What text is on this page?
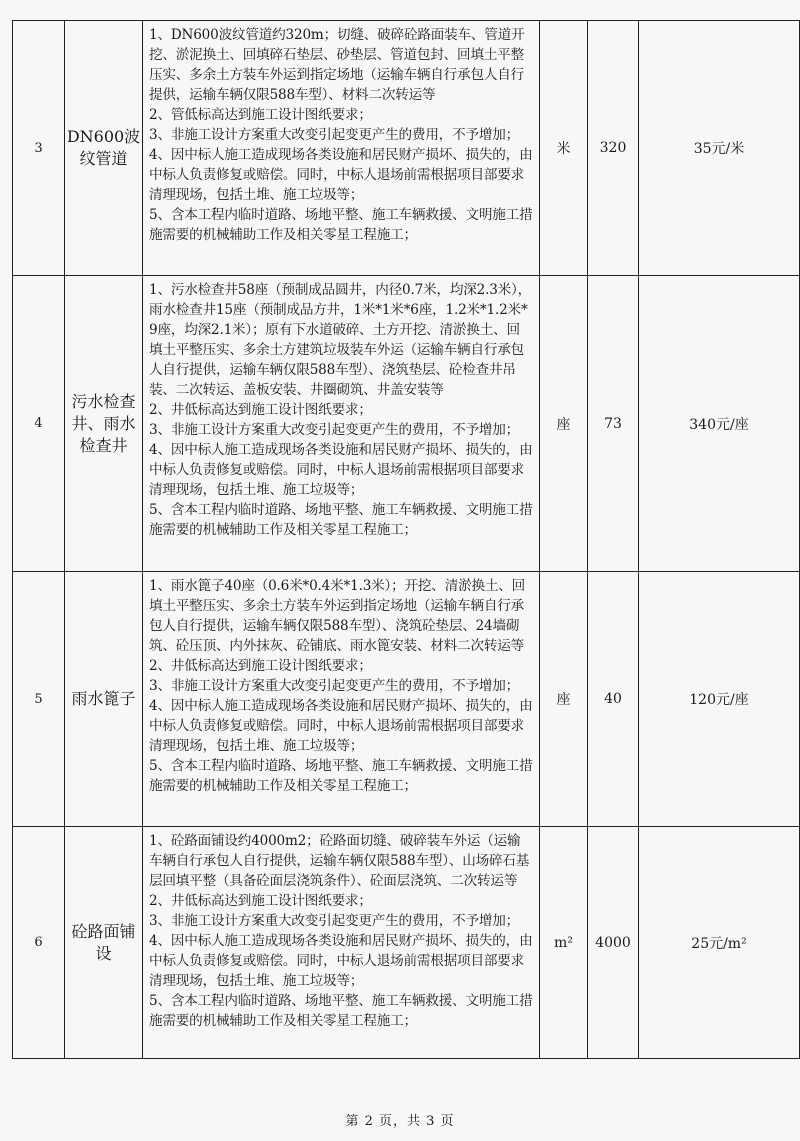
3	DN600波纹管道	1、DN600波纹管道约320m；切缝、破碎砼路面装车、管道开挖、淤泥换土、回填碎石垫层、砂垫层、管道包封、回填土平整压实、多余土方装车外运到指定场地（运输车辆自行承包人自行提供，运输车辆仅限588车型）、材料二次转运等
2、管低标高达到施工设计图纸要求；
3、非施工设计方案重大改变引起变更产生的费用，不予增加；
4、因中标人施工造成现场各类设施和居民财产损坏、损失的，由中标人负责修复或赔偿。同时，中标人退场前需根据项目部要求清理现场，包括土堆、施工垃圾等；
5、含本工程内临时道路、场地平整、施工车辆救援、文明施工措施需要的机械辅助工作及相关零星工程施工；	米	320	35元/米
4	污水检查井、雨水检查井	1、污水检查井58座（预制成品圆井，内径0.7米，均深2.3米），雨水检查井15座（预制成品方井，1米*1米*6座，1.2米*1.2米*9座，均深2.1米）；原有下水道破碎、土方开挖、清淤换土、回填土平整压实、多余土方建筑垃圾装车外运（运输车辆自行承包人自行提供，运输车辆仅限588车型）、浇筑垫层、砼检查井吊装、二次转运、盖板安装、井圈砌筑、井盖安装等
2、井低标高达到施工设计图纸要求；
3、非施工设计方案重大改变引起变更产生的费用，不予增加；
4、因中标人施工造成现场各类设施和居民财产损坏、损失的，由中标人负责修复或赔偿。同时，中标人退场前需根据项目部要求清理现场，包括土堆、施工垃圾等；
5、含本工程内临时道路、场地平整、施工车辆救援、文明施工措施需要的机械辅助工作及相关零星工程施工；	座	73	340元/座
5	雨水篦子	1、雨水篦子40座（0.6米*0.4米*1.3米）；开挖、清淤换土、回填土平整压实、多余土方装车外运到指定场地（运输车辆自行承包人自行提供，运输车辆仅限588车型）、浇筑砼垫层、24墙砌筑、砼压顶、内外抹灰、砼铺底、雨水篦安装、材料二次转运等
2、井低标高达到施工设计图纸要求；
3、非施工设计方案重大改变引起变更产生的费用，不予增加；
4、因中标人施工造成现场各类设施和居民财产损坏、损失的，由中标人负责修复或赔偿。同时，中标人退场前需根据项目部要求清理现场，包括土堆、施工垃圾等；
5、含本工程内临时道路、场地平整、施工车辆救援、文明施工措施需要的机械辅助工作及相关零星工程施工；	座	40	120元/座
6	砼路面铺设	1、砼路面铺设约4000m2；砼路面切缝、破碎装车外运（运输车辆自行承包人自行提供，运输车辆仅限588车型）、山场碎石基层回填平整（具备砼面层浇筑条件）、砼面层浇筑、二次转运等
2、井低标高达到施工设计图纸要求；
3、非施工设计方案重大改变引起变更产生的费用，不予增加；
4、因中标人施工造成现场各类设施和居民财产损坏、损失的，由中标人负责修复或赔偿。同时，中标人退场前需根据项目部要求清理现场，包括土堆、施工垃圾等；
5、含本工程内临时道路、场地平整、施工车辆救援、文明施工措施需要的机械辅助工作及相关零星工程施工；	m²	4000	25元/m²
第 2 页，共 3 页
